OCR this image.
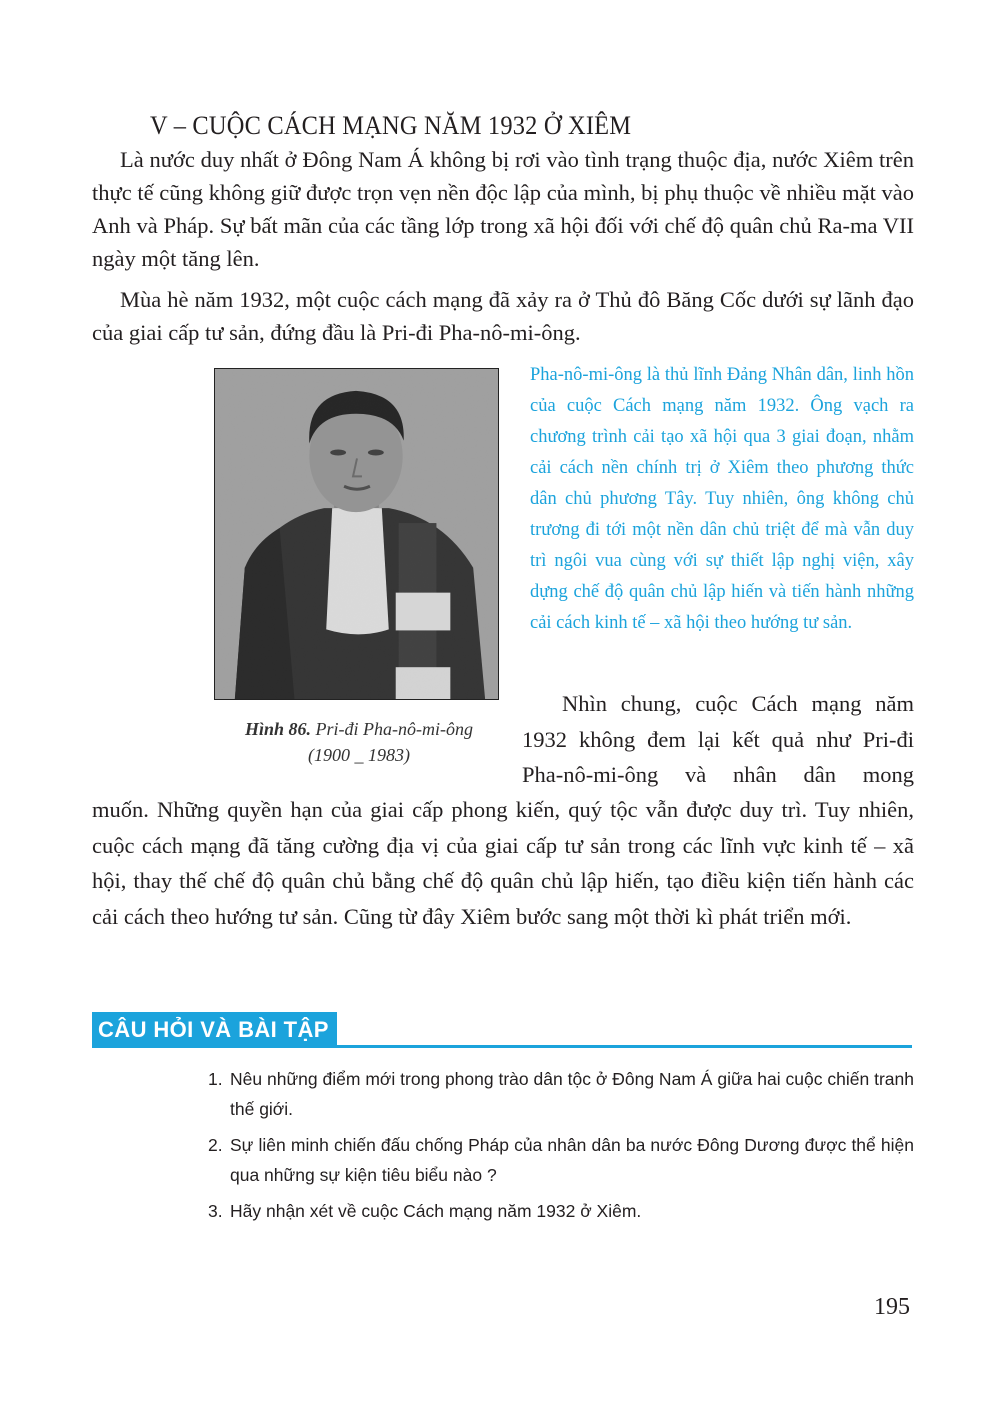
V – CUỘC CÁCH MẠNG NĂM 1932 Ở XIÊM

Là nước duy nhất ở Đông Nam Á không bị rơi vào tình trạng thuộc địa, nước Xiêm trên thực tế cũng không giữ được trọn vẹn nền độc lập của mình, bị phụ thuộc về nhiều mặt vào Anh và Pháp. Sự bất mãn của các tầng lớp trong xã hội đối với chế độ quân chủ Ra-ma VII ngày một tăng lên.

Mùa hè năm 1932, một cuộc cách mạng đã xảy ra ở Thủ đô Băng Cốc dưới sự lãnh đạo của giai cấp tư sản, đứng đầu là Pri-đi Pha-nô-mi-ông.

Hình 86. Pri-đi Pha-nô-mi-ông
(1900 _ 1983)

Pha-nô-mi-ông là thủ lĩnh Đảng Nhân dân, linh hồn của cuộc Cách mạng năm 1932. Ông vạch ra chương trình cải tạo xã hội qua 3 giai đoạn, nhằm cải cách nền chính trị ở Xiêm theo phương thức dân chủ phương Tây. Tuy nhiên, ông không chủ trương đi tới một nền dân chủ triệt để mà vẫn duy trì ngôi vua cùng với sự thiết lập nghị viện, xây dựng chế độ quân chủ lập hiến và tiến hành những cải cách kinh tế – xã hội theo hướng tư sản.

Nhìn chung, cuộc Cách mạng năm 1932 không đem lại kết quả như Pri-đi Pha-nô-mi-ông và nhân dân mong

muốn. Những quyền hạn của giai cấp phong kiến, quý tộc vẫn được duy trì. Tuy nhiên, cuộc cách mạng đã tăng cường địa vị của giai cấp tư sản trong các lĩnh vực kinh tế – xã hội, thay thế chế độ quân chủ bằng chế độ quân chủ lập hiến, tạo điều kiện tiến hành các cải cách theo hướng tư sản. Cũng từ đây Xiêm bước sang một thời kì phát triển mới.

CÂU HỎI VÀ BÀI TẬP
1. Nêu những điểm mới trong phong trào dân tộc ở Đông Nam Á giữa hai cuộc chiến tranh thế giới.
2. Sự liên minh chiến đấu chống Pháp của nhân dân ba nước Đông Dương được thể hiện qua những sự kiện tiêu biểu nào ?
3. Hãy nhận xét về cuộc Cách mạng năm 1932 ở Xiêm.
195
